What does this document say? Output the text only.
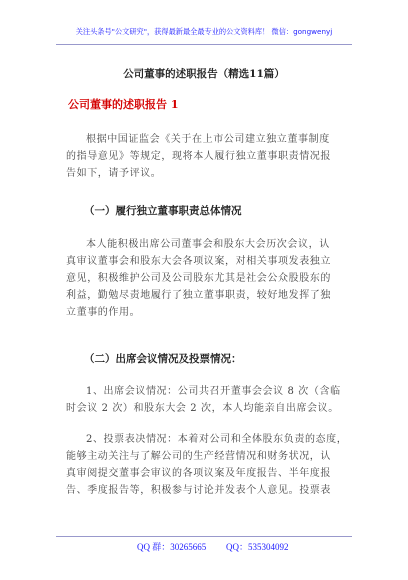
关注头条号"公文研究"，获得最新最全最专业的公文资料库！ 微信：gongwenyj
公司董事的述职报告（精选11篇）
公司董事的述职报告 1
根据中国证监会《关于在上市公司建立独立董事制度
的指导意见》等规定，现将本人履行独立董事职责情况报
告如下，请予评议。
（一）履行独立董事职责总体情况
本人能积极出席公司董事会和股东大会历次会议，认
真审议董事会和股东大会各项议案，对相关事项发表独立
意见，积极维护公司及公司股东尤其是社会公众股股东的
利益，勤勉尽责地履行了独立董事职责，较好地发挥了独
立董事的作用。
（二）出席会议情况及投票情况：
1、出席会议情况：公司共召开董事会会议 8 次（含临
时会议 2 次）和股东大会 2 次，本人均能亲自出席会议。
2、投票表决情况：本着对公司和全体股东负责的态度，
能够主动关注与了解公司的生产经营情况和财务状况，认
真审阅提交董事会审议的各项议案及年度报告、半年度报
告、季度报告等，积极参与讨论并发表个人意见。投票表
QQ 群：30265665 QQ：535304092
